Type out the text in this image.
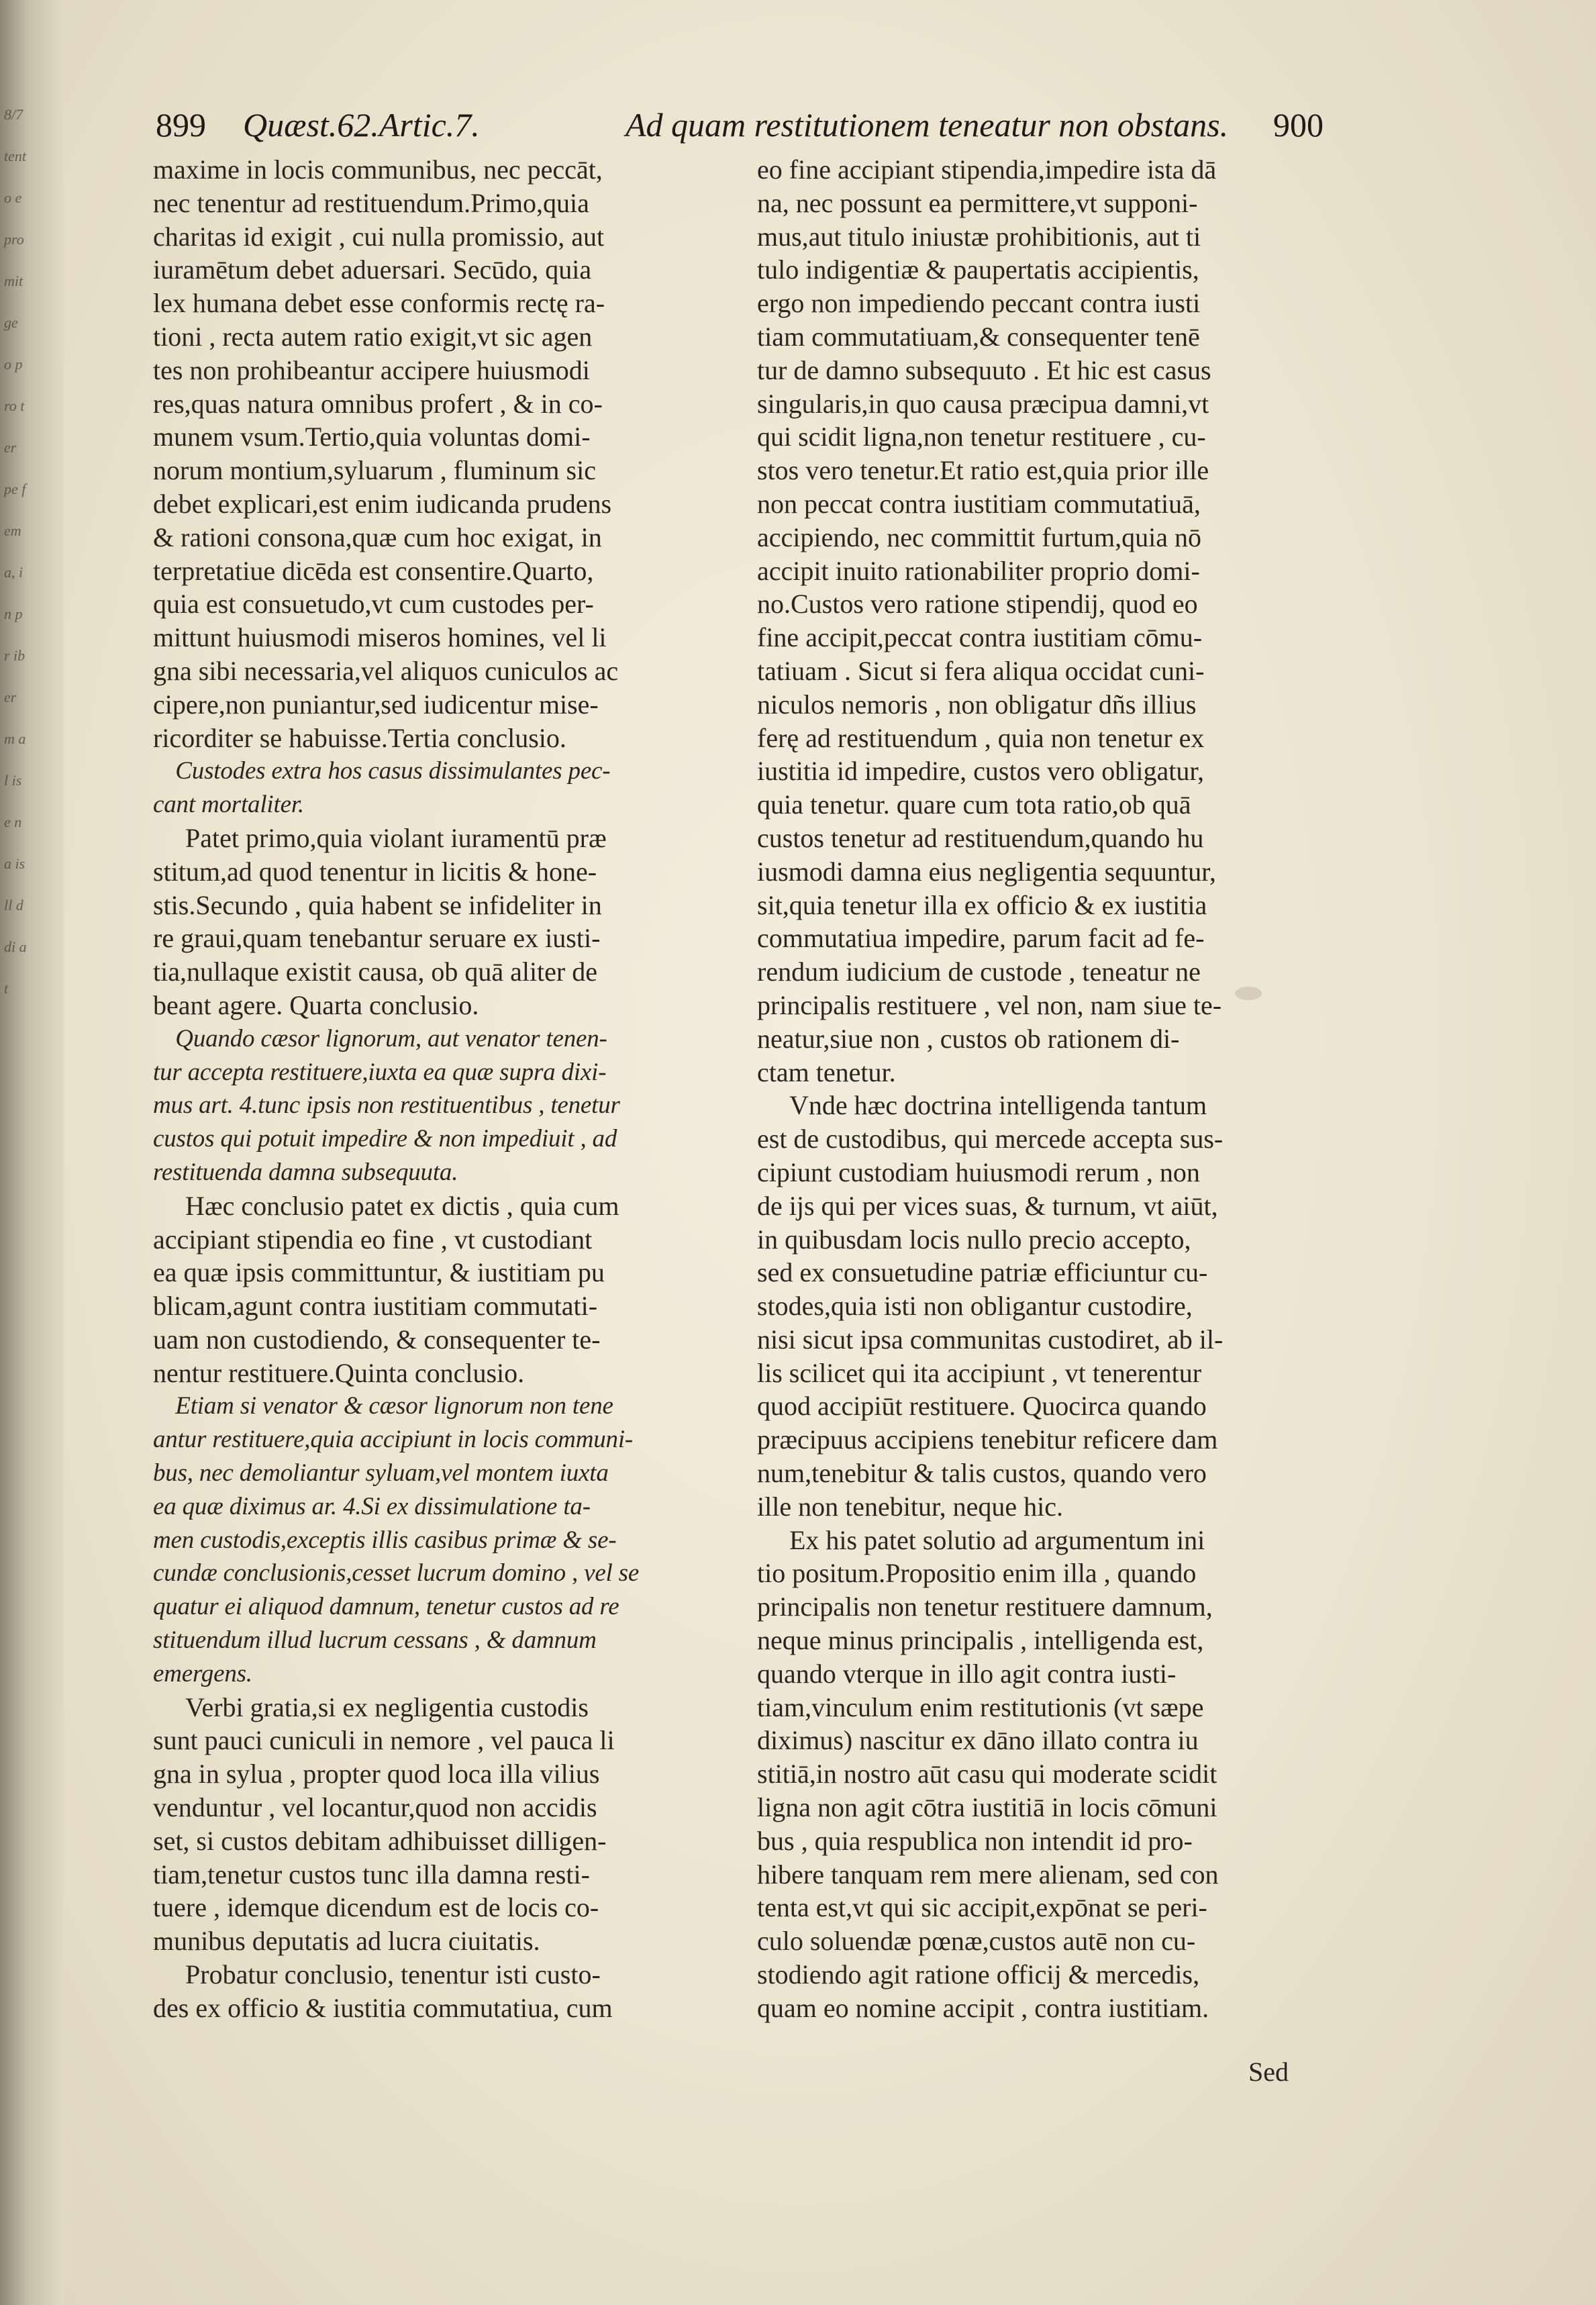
8/7 tento e pro mit ge o pro ter pe fem a, in pr ib er m al is e n a is ll d di at
899 Quæst.62.Artic.7.	Ad quam restitutionem teneatur non obstans. 900

maxime in locis communibus, nec peccāt,
nec tenentur ad restituendum.Primo,quia
charitas id exigit , cui nulla promissio, aut
iuramētum debet aduersari. Secūdo, quia
lex humana debet esse conformis rectę ra-
tioni , recta autem ratio exigit,vt sic agen
tes non prohibeantur accipere huiusmodi
res,quas natura omnibus profert , & in co-
munem vsum.Tertio,quia voluntas domi-
norum montium,syluarum , fluminum sic
debet explicari,est enim iudicanda prudens
& rationi consona,quæ cum hoc exigat, in
terpretatiue dicēda est consentire.Quarto,
quia est consuetudo,vt cum custodes per-
mittunt huiusmodi miseros homines, vel li
gna sibi necessaria,vel aliquos cuniculos ac
cipere,non puniantur,sed iudicentur mise-
ricorditer se habuisse.Tertia conclusio.

Custodes extra hos casus dissimulantes pec-
cant mortaliter.

Patet primo,quia violant iuramentū præ
stitum,ad quod tenentur in licitis & hone-
stis.Secundo , quia habent se infideliter in
re graui,quam tenebantur seruare ex iusti-
tia,nullaque existit causa, ob quā aliter de
beant agere. Quarta conclusio.

Quando cæsor lignorum, aut venator tenen-
tur accepta restituere,iuxta ea quæ supra dixi-
mus art. 4.tunc ipsis non restituentibus , tenetur
custos qui potuit impedire & non impediuit , ad
restituenda damna subsequuta.

Hæc conclusio patet ex dictis , quia cum
accipiant stipendia eo fine , vt custodiant
ea quæ ipsis committuntur, & iustitiam pu
blicam,agunt contra iustitiam commutati-
uam non custodiendo, & consequenter te-
nentur restituere.Quinta conclusio.

Etiam si venator & cæsor lignorum non tene
antur restituere,quia accipiunt in locis communi-
bus, nec demoliantur syluam,vel montem iuxta
ea quæ diximus ar. 4.Si ex dissimulatione ta-
men custodis,exceptis illis casibus primæ & se-
cundæ conclusionis,cesset lucrum domino , vel se
quatur ei aliquod damnum, tenetur custos ad re
stituendum illud lucrum cessans , & damnum
emergens.

Verbi gratia,si ex negligentia custodis
sunt pauci cuniculi in nemore , vel pauca li
gna in sylua , propter quod loca illa vilius
venduntur , vel locantur,quod non accidis
set, si custos debitam adhibuisset dilligen-
tiam,tenetur custos tunc illa damna resti-
tuere , idemque dicendum est de locis co-
munibus deputatis ad lucra ciuitatis.

Probatur conclusio, tenentur isti custo-
des ex officio & iustitia commutatiua, cum

eo fine accipiant stipendia,impedire ista dā
na, nec possunt ea permittere,vt supponi-
mus,aut titulo iniustæ prohibitionis, aut ti
tulo indigentiæ & paupertatis accipientis,
ergo non impediendo peccant contra iusti
tiam commutatiuam,& consequenter tenē
tur de damno subsequuto . Et hic est casus
singularis,in quo causa præcipua damni,vt
qui scidit ligna,non tenetur restituere , cu-
stos vero tenetur.Et ratio est,quia prior ille
non peccat contra iustitiam commutatiuā,
accipiendo, nec committit furtum,quia nō
accipit inuito rationabiliter proprio domi-
no.Custos vero ratione stipendij, quod eo
fine accipit,peccat contra iustitiam cōmu-
tatiuam . Sicut si fera aliqua occidat cuni-
niculos nemoris , non obligatur dñs illius
ferę ad restituendum , quia non tenetur ex
iustitia id impedire, custos vero obligatur,
quia tenetur. quare cum tota ratio,ob quā
custos tenetur ad restituendum,quando hu
iusmodi damna eius negligentia sequuntur,
sit,quia tenetur illa ex officio & ex iustitia
commutatiua impedire, parum facit ad fe-
rendum iudicium de custode , teneatur ne
principalis restituere , vel non, nam siue te-
neatur,siue non , custos ob rationem di-
ctam tenetur.

Vnde hæc doctrina intelligenda tantum
est de custodibus, qui mercede accepta sus-
cipiunt custodiam huiusmodi rerum , non
de ijs qui per vices suas, & turnum, vt aiūt,
in quibusdam locis nullo precio accepto,
sed ex consuetudine patriæ efficiuntur cu-
stodes,quia isti non obligantur custodire,
nisi sicut ipsa communitas custodiret, ab il-
lis scilicet qui ita accipiunt , vt tenerentur
quod accipiūt restituere. Quocirca quando
præcipuus accipiens tenebitur reficere dam
num,tenebitur & talis custos, quando vero
ille non tenebitur, neque hic.

Ex his patet solutio ad argumentum ini
tio positum.Propositio enim illa , quando
principalis non tenetur restituere damnum,
neque minus principalis , intelligenda est,
quando vterque in illo agit contra iusti-
tiam,vinculum enim restitutionis (vt sæpe
diximus) nascitur ex dāno illato contra iu
stitiā,in nostro aūt casu qui moderate scidit
ligna non agit cōtra iustitiā in locis cōmuni
bus , quia respublica non intendit id pro-
hibere tanquam rem mere alienam, sed con
tenta est,vt qui sic accipit,expōnat se peri-
culo soluendæ pœnæ,custos autē non cu-
stodiendo agit ratione officij & mercedis,
quam eo nomine accipit , contra iustitiam.

Sed
